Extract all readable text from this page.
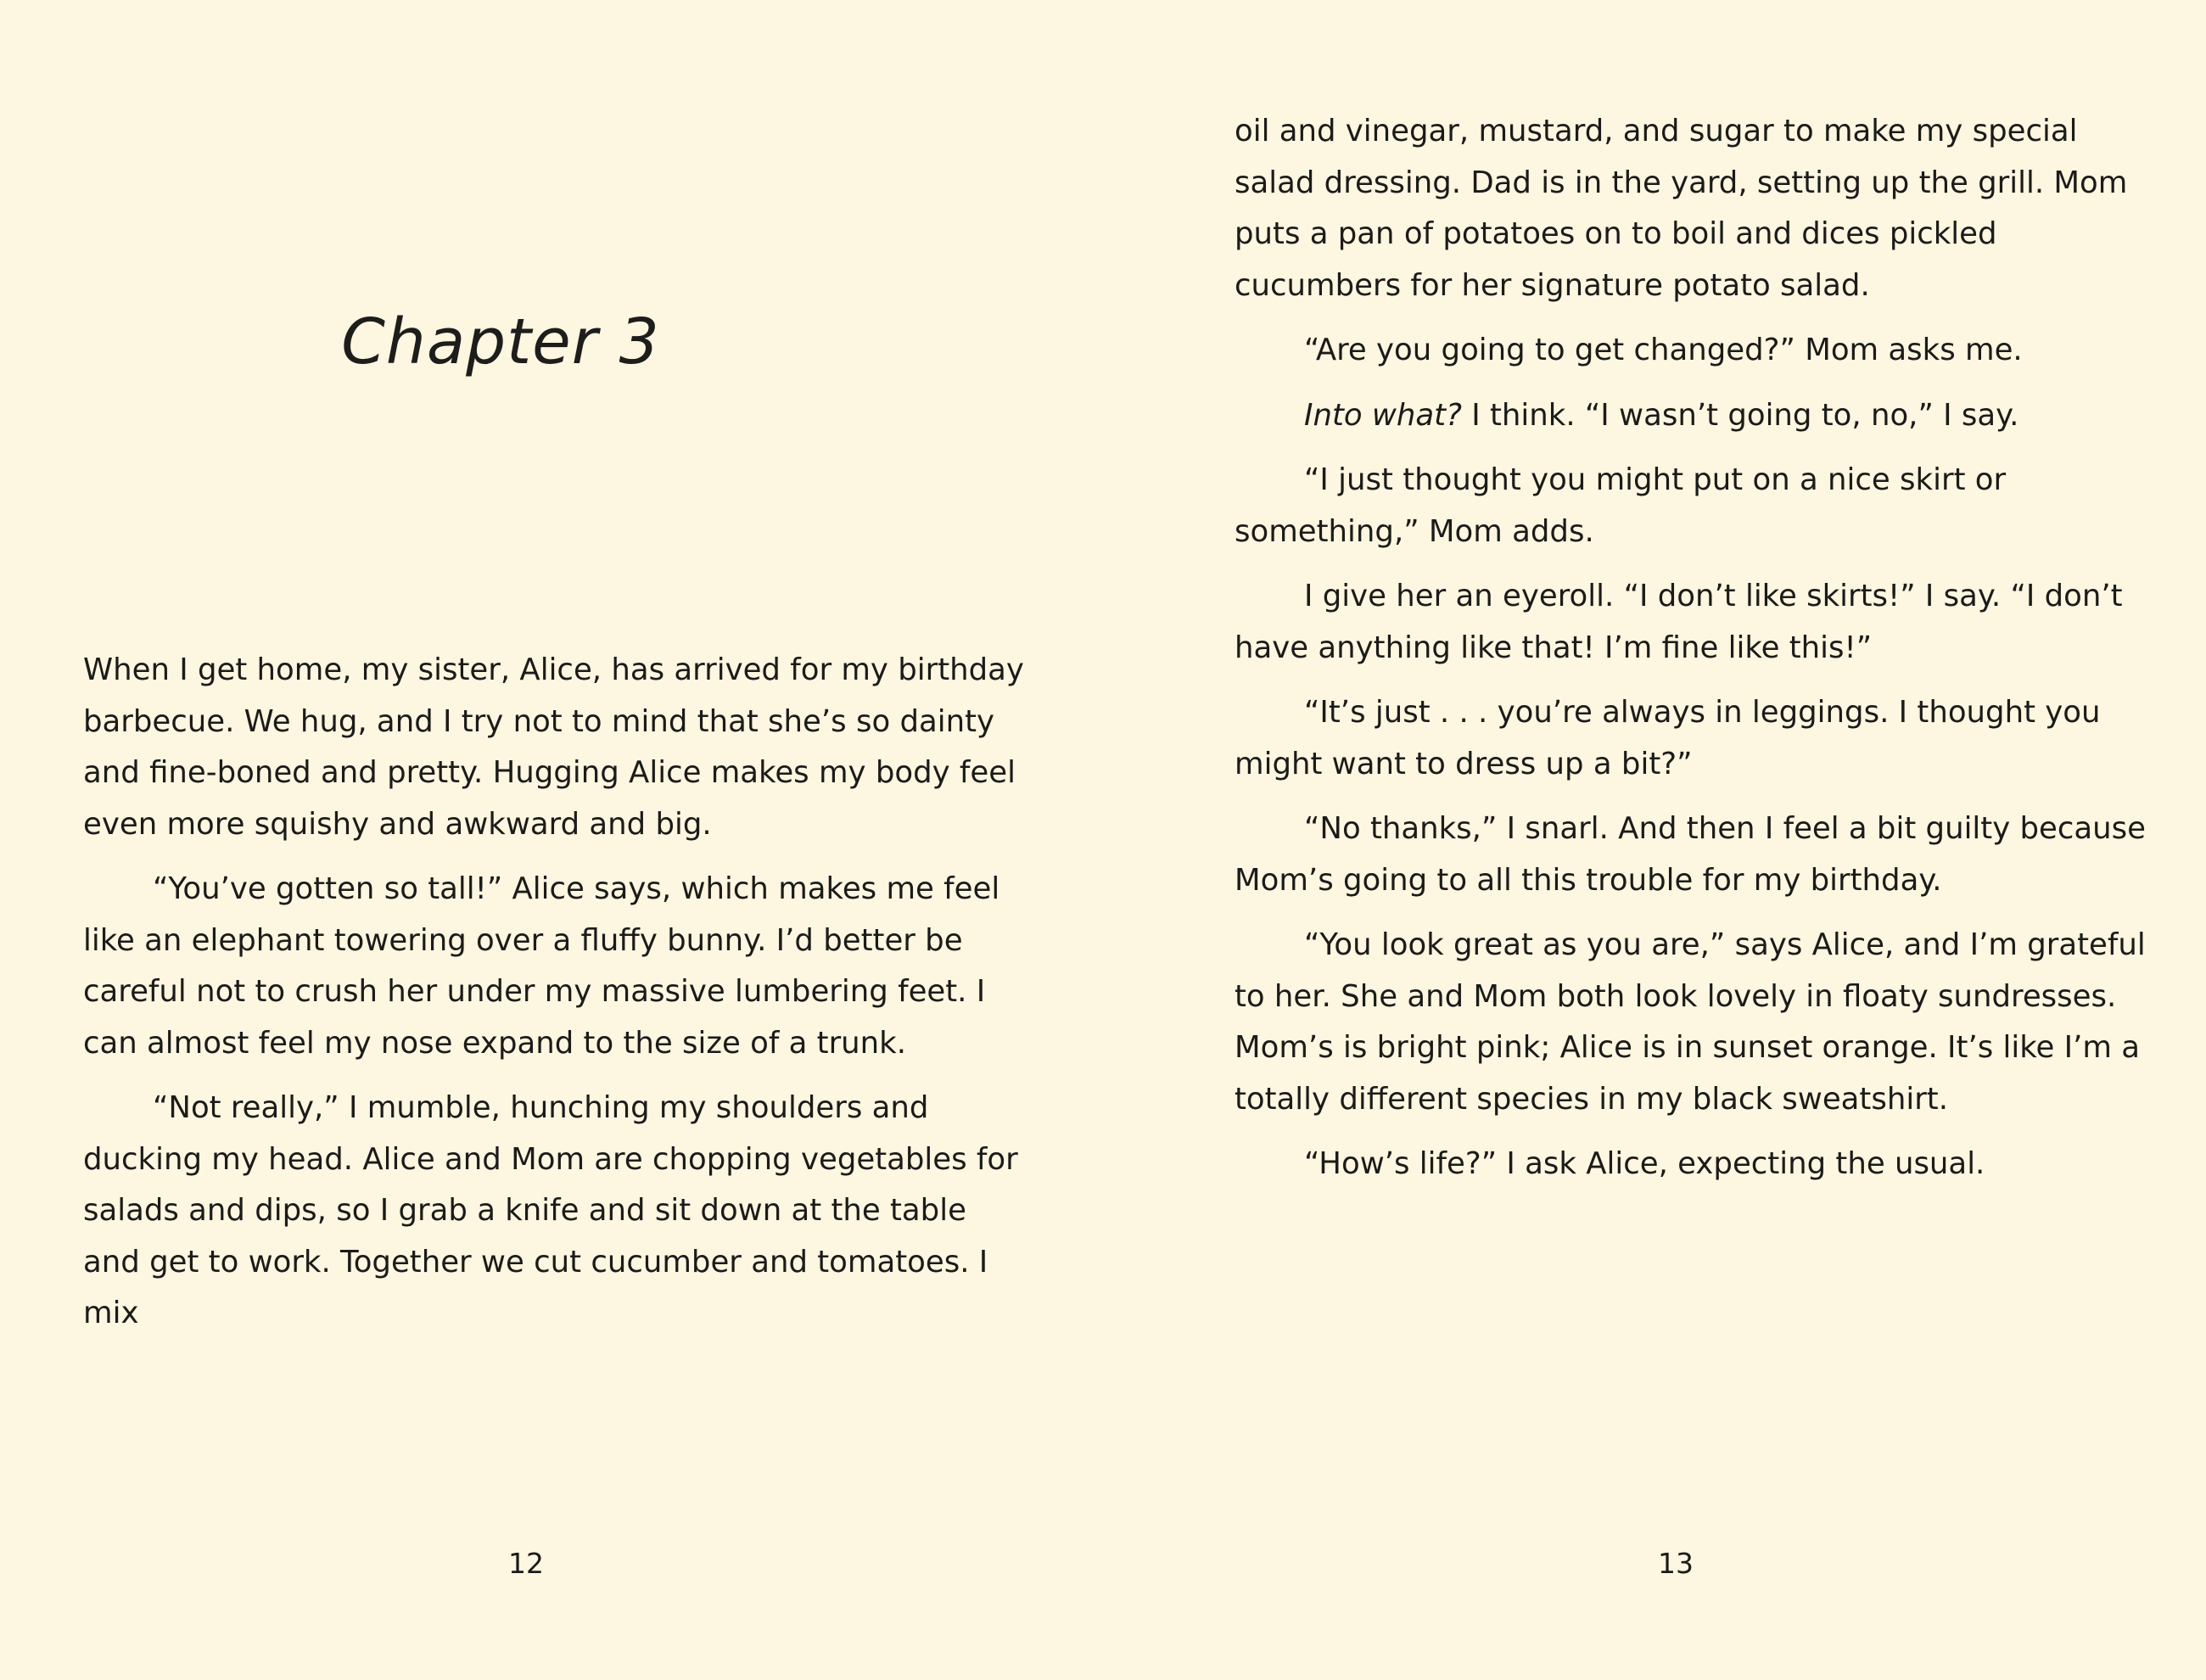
Chapter 3

When I get home, my sister, Alice, has arrived for my birthday barbecue. We hug, and I try not to mind that she’s so dainty and fine-boned and pretty. Hugging Alice makes my body feel even more squishy and awkward and big.

“You’ve gotten so tall!” Alice says, which makes me feel like an elephant towering over a fluffy bunny. I’d better be careful not to crush her under my massive lumbering feet. I can almost feel my nose expand to the size of a trunk.

“Not really,” I mumble, hunching my shoulders and ducking my head. Alice and Mom are chopping vegetables for salads and dips, so I grab a knife and sit down at the table and get to work. Together we cut cucumber and tomatoes. I mix

12

oil and vinegar, mustard, and sugar to make my special salad dressing. Dad is in the yard, setting up the grill. Mom puts a pan of potatoes on to boil and dices pickled cucumbers for her signature potato salad.

“Are you going to get changed?” Mom asks me.

Into what? I think. “I wasn’t going to, no,” I say.

“I just thought you might put on a nice skirt or something,” Mom adds.

I give her an eyeroll. “I don’t like skirts!” I say. “I don’t have anything like that! I’m fine like this!”

“It’s just . . . you’re always in leggings. I thought you might want to dress up a bit?”

“No thanks,” I snarl. And then I feel a bit guilty because Mom’s going to all this trouble for my birthday.

“You look great as you are,” says Alice, and I’m grateful to her. She and Mom both look lovely in floaty sundresses. Mom’s is bright pink; Alice is in sunset orange. It’s like I’m a totally different species in my black sweatshirt.

“How’s life?” I ask Alice, expecting the usual.

13
